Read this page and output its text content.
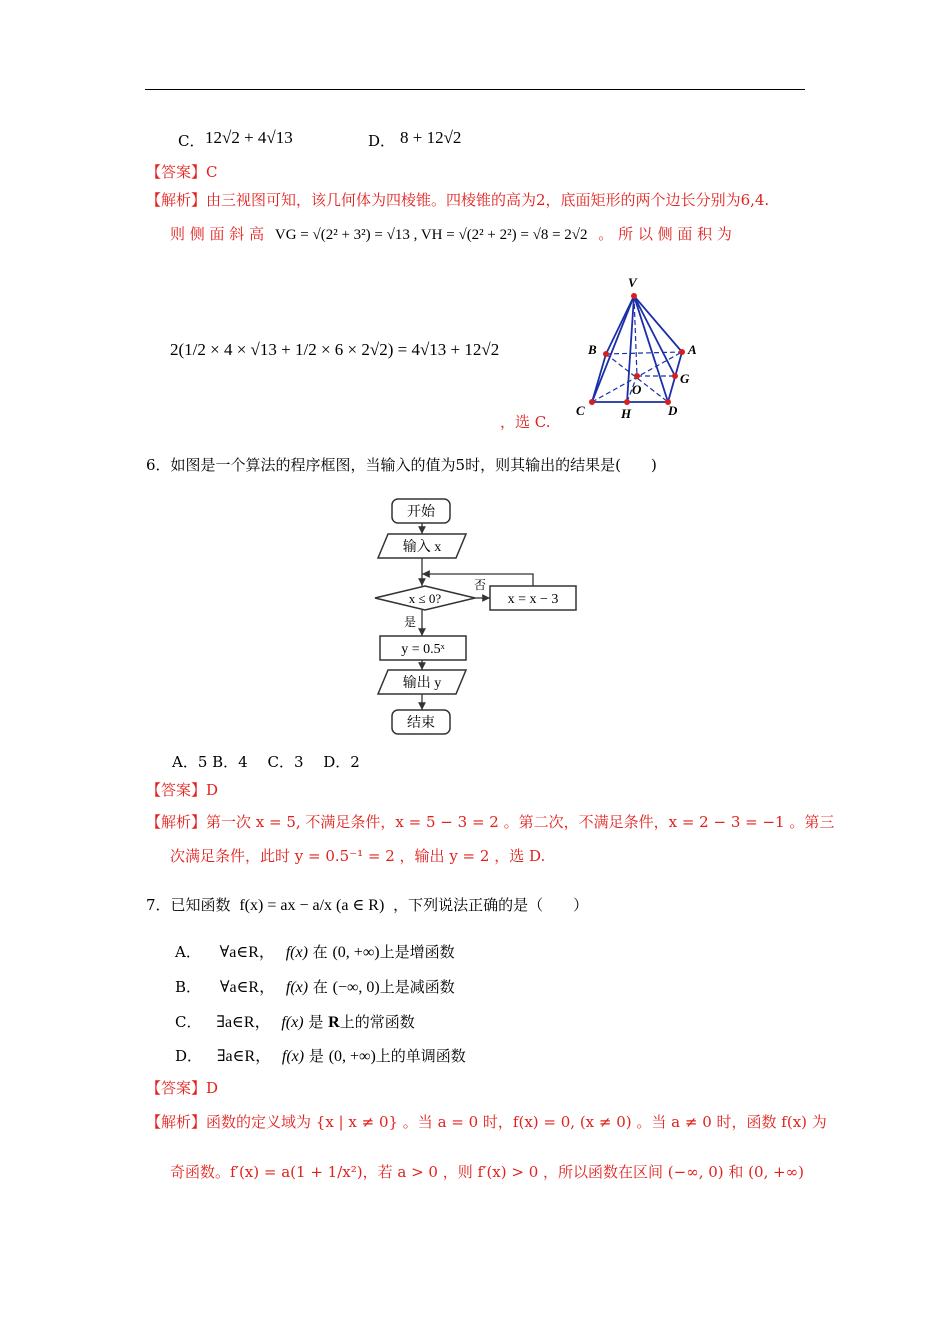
C． 12√2 + 4√13	D． 8 + 12√2
【答案】C
【解析】由三视图可知，该几何体为四棱锥。四棱锥的高为2，底面矩形的两个边长分别为6,4.
则 侧 面 斜 高 VG = √(2² + 3²) = √13 , VH = √(2² + 2²) = √8 = 2√2 。 所 以 侧 面 积 为
2(1/2 × 4 × √13 + 1/2 × 6 × 2√2) = 4√13 + 12√2
V
B	A
G
O
C	H	D
，选 C.
6．如图是一个算法的程序框图，当输入的值为5时，则其输出的结果是(　　)
开始
输入 x
x ≤ 0?	x = x − 3
y = 0.5ˣ
输出 y
结束
否
是
A．5 B．4　 C．3　 D．2
【答案】D
【解析】第一次 x = 5, 不满足条件，x = 5 − 3 = 2 。第二次，不满足条件，x = 2 − 3 = −1 。第三
次满足条件，此时 y = 0.5⁻¹ = 2 ，输出 y = 2 ，选 D.
7．已知函数 f(x) = ax − a/x (a ∈ R) ，下列说法正确的是（　　）
A． ∀a∈R， f(x) 在 (0, +∞)上是增函数
B． ∀a∈R， f(x) 在 (−∞, 0)上是减函数
C． ∃a∈R， f(x) 是 R上的常函数
D． ∃a∈R， f(x) 是 (0, +∞)上的单调函数
【答案】D
【解析】函数的定义域为 {x | x ≠ 0} 。当 a = 0 时，f(x) = 0, (x ≠ 0) 。当 a ≠ 0 时，函数 f(x) 为
奇函数。f′(x) = a(1 + 1/x²)，若 a > 0 ，则 f′(x) > 0 ，所以函数在区间 (−∞, 0) 和 (0, +∞)
